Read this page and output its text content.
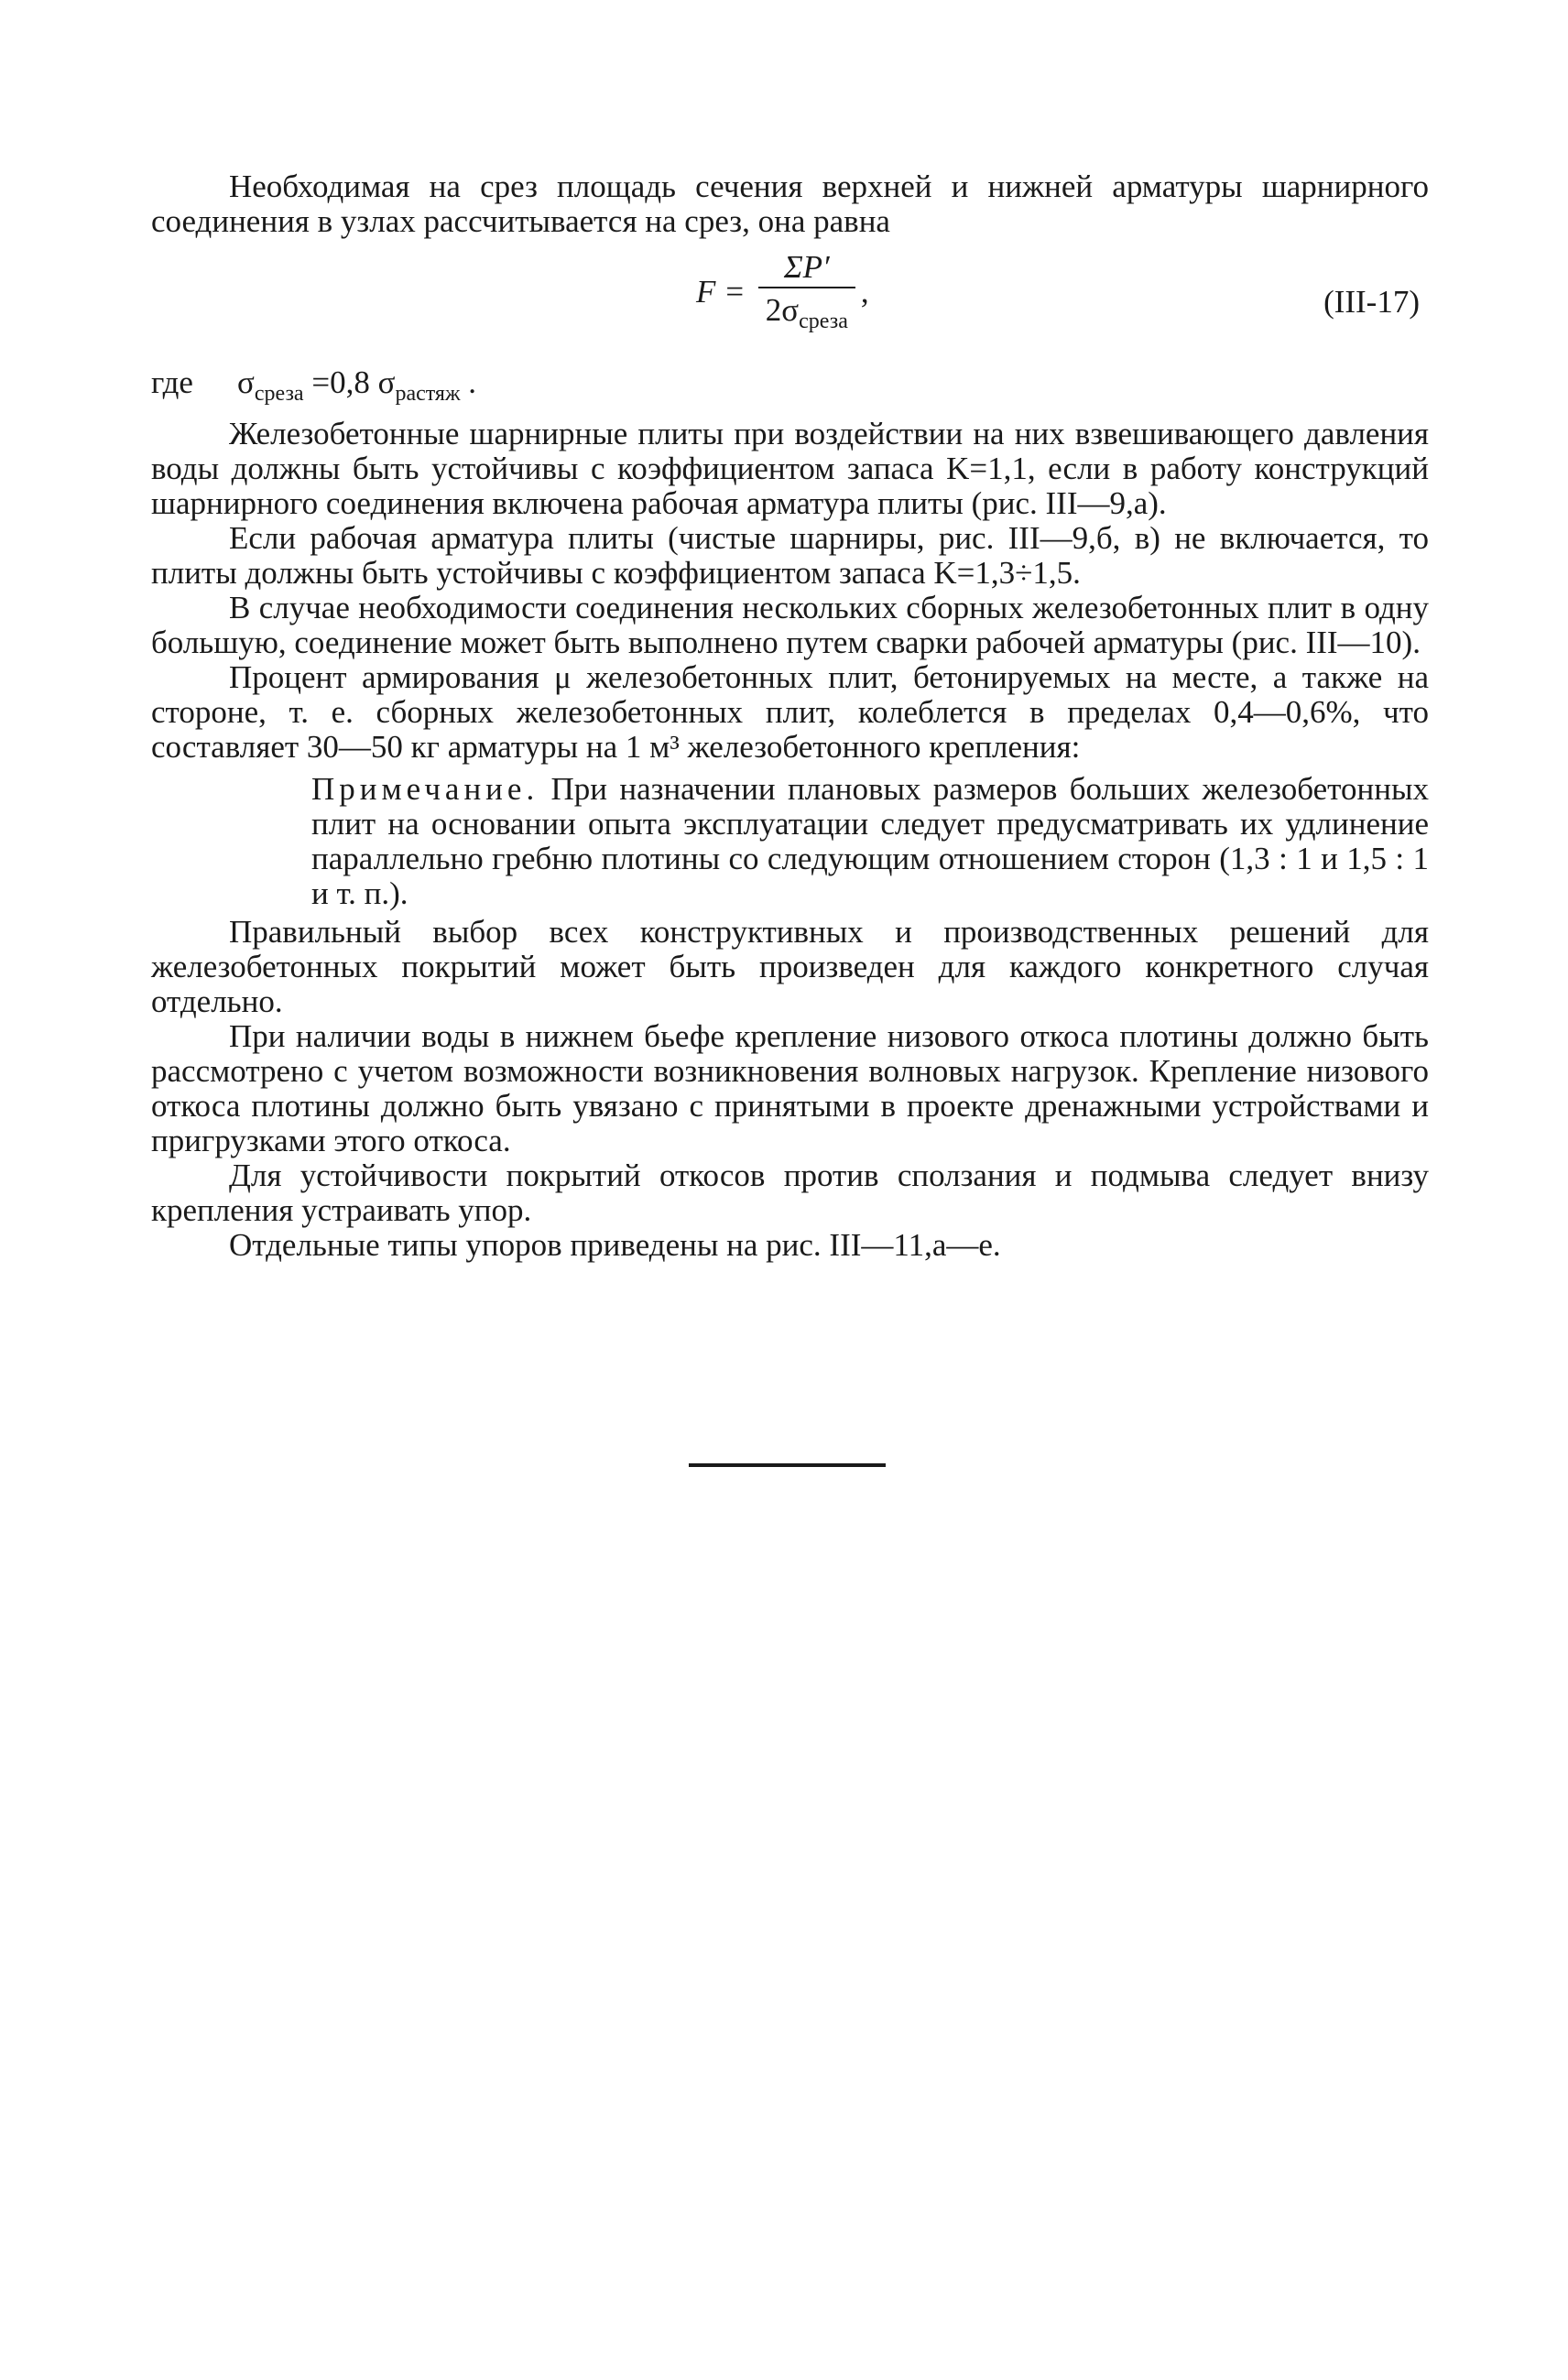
Необходимая на срез площадь сечения верхней и нижней арматуры шарнирного соединения в узлах рассчитывается на срез, она равна

$F = \frac{\Sigma P'}{2\sigma_{среза}}$ ,	(III-17)

где $\sigma_{среза} =0,8$ $\sigma_{растяж}$ .

Железобетонные шарнирные плиты при воздействии на них взвешивающего давления воды должны быть устойчивы с коэффициентом запаса K=1,1, если в работу конструкций шарнирного соединения включена рабочая арматура плиты (рис. III—9,а).

Если рабочая арматура плиты (чистые шарниры, рис. III—9,б, в) не включается, то плиты должны быть устойчивы с коэффициентом запаса K=1,3÷1,5.

В случае необходимости соединения нескольких сборных железобетонных плит в одну большую, соединение может быть выполнено путем сварки рабочей арматуры (рис. III—10).

Процент армирования μ железобетонных плит, бетонируемых на месте, а также на стороне, т. е. сборных железобетонных плит, колеблется в пределах 0,4—0,6%, что составляет 30—50 кг арматуры на 1 м³ железобетонного крепления:

Примечание. При назначении плановых размеров больших железобетонных плит на основании опыта эксплуатации следует предусматривать их удлинение параллельно гребню плотины со следующим отношением сторон (1,3 : 1 и 1,5 : 1 и т. п.).

Правильный выбор всех конструктивных и производственных решений для железобетонных покрытий может быть произведен для каждого конкретного случая отдельно.

При наличии воды в нижнем бьефе крепление низового откоса плотины должно быть рассмотрено с учетом возможности возникновения волновых нагрузок. Крепление низового откоса плотины должно быть увязано с принятыми в проекте дренажными устройствами и пригрузками этого откоса.

Для устойчивости покрытий откосов против сползания и подмыва следует внизу крепления устраивать упор.

Отдельные типы упоров приведены на рис. III—11,а—е.
